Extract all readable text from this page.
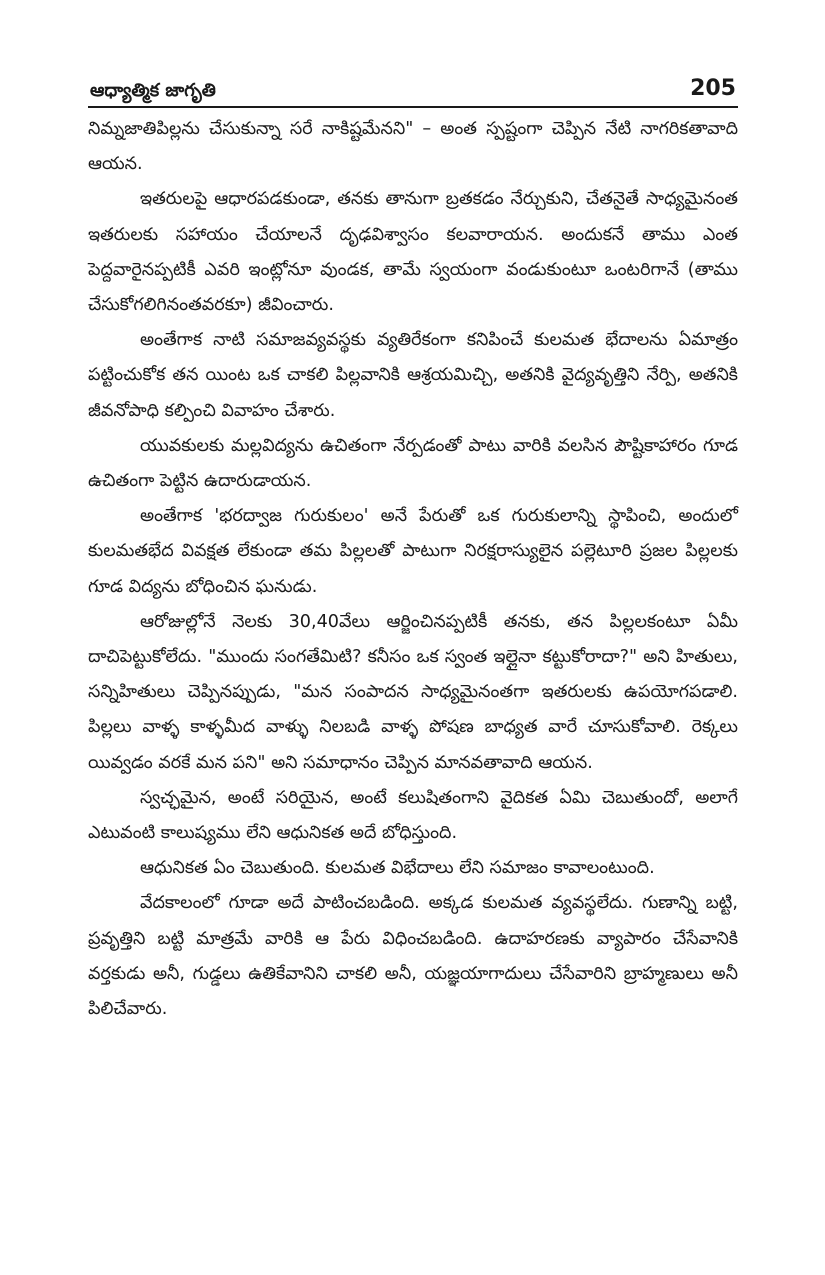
ఆధ్యాత్మిక జాగృతి	205

నిమ్నజాతిపిల్లను చేసుకున్నా సరే నాకిష్టమేనని" – అంత స్పష్టంగా చెప్పిన నేటి నాగరికతావాది ఆయన.

ఇతరులపై ఆధారపడకుండా, తనకు తానుగా బ్రతకడం నేర్చుకుని, చేతనైతే సాధ్యమైనంత ఇతరులకు సహాయం చేయాలనే దృఢవిశ్వాసం కలవారాయన. అందుకనే తాము ఎంత పెద్దవారైనప్పటికీ ఎవరి ఇంట్లోనూ వుండక, తామే స్వయంగా వండుకుంటూ ఒంటరిగానే (తాము చేసుకోగలిగినంతవరకూ) జీవించారు.

అంతేగాక నాటి సమాజవ్యవస్థకు వ్యతిరేకంగా కనిపించే కులమత భేదాలను ఏమాత్రం పట్టించుకోక తన యింట ఒక చాకలి పిల్లవానికి ఆశ్రయమిచ్చి, అతనికి వైద్యవృత్తిని నేర్పి, అతనికి జీవనోపాధి కల్పించి వివాహం చేశారు.

యువకులకు మల్లవిద్యను ఉచితంగా నేర్పడంతో పాటు వారికి వలసిన పౌష్టికాహారం గూడ ఉచితంగా పెట్టిన ఉదారుడాయన.

అంతేగాక 'భరద్వాజ గురుకులం' అనే పేరుతో ఒక గురుకులాన్ని స్థాపించి, అందులో కులమతభేద వివక్షత లేకుండా తమ పిల్లలతో పాటుగా నిరక్షరాస్యులైన పల్లెటూరి ప్రజల పిల్లలకు గూడ విద్యను బోధించిన ఘనుడు.

ఆరోజుల్లోనే నెలకు 30,40వేలు ఆర్జించినప్పటికీ తనకు, తన పిల్లలకంటూ ఏమీ దాచిపెట్టుకోలేదు. "ముందు సంగతేమిటి? కనీసం ఒక స్వంత ఇల్లైనా కట్టుకోరాదా?" అని హితులు, సన్నిహితులు చెప్పినప్పుడు, "మన సంపాదన సాధ్యమైనంతగా ఇతరులకు ఉపయోగపడాలి. పిల్లలు వాళ్ళ కాళ్ళమీద వాళ్ళు నిలబడి వాళ్ళ పోషణ బాధ్యత వారే చూసుకోవాలి. రెక్కలు యివ్వడం వరకే మన పని" అని సమాధానం చెప్పిన మానవతావాది ఆయన.

స్వచ్ఛమైన, అంటే సరియైన, అంటే కలుషితంగాని వైదికత ఏమి చెబుతుందో, అలాగే ఎటువంటి కాలుష్యము లేని ఆధునికత అదే బోధిస్తుంది.

ఆధునికత ఏం చెబుతుంది. కులమత విభేదాలు లేని సమాజం కావాలంటుంది.

వేదకాలంలో గూడా అదే పాటించబడింది. అక్కడ కులమత వ్యవస్థలేదు. గుణాన్ని బట్టి, ప్రవృత్తిని బట్టి మాత్రమే వారికి ఆ పేరు విధించబడింది. ఉదాహరణకు వ్యాపారం చేసేవానికి వర్తకుడు అనీ, గుడ్డలు ఉతికేవానిని చాకలి అనీ, యజ్ఞయాగాదులు చేసేవారిని బ్రాహ్మణులు అనీ పిలిచేవారు.
